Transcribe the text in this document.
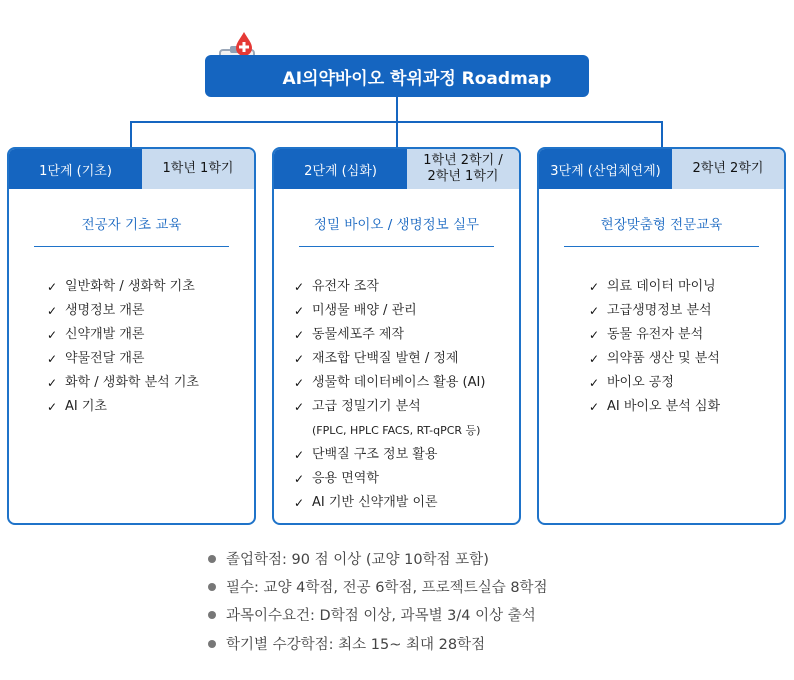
AI의약바이오 학위과정 Roadmap
1단계 (기초)	1학년 1학기
전공자 기초 교육
✓ 일반화학 / 생화학 기초
✓ 생명정보 개론
✓ 신약개발 개론
✓ 약물전달 개론
✓ 화학 / 생화학 분석 기초
✓ AI 기초
2단계 (심화)
1학년 2학기 /
2학년 1학기
정밀 바이오 / 생명정보 실무
✓ 유전자 조작
✓ 미생물 배양 / 관리
✓ 동물세포주 제작
✓ 재조합 단백질 발현 / 정제
✓ 생물학 데이터베이스 활용 (AI)
✓ 고급 정밀기기 분석
(FPLC, HPLC FACS, RT-qPCR 등)
✓ 단백질 구조 정보 활용
✓ 응용 면역학
✓ AI 기반 신약개발 이론
3단계 (산업체연계)	2학년 2학기
현장맞춤형 전문교육
✓ 의료 데이터 마이닝
✓ 고급생명정보 분석
✓ 동물 유전자 분석
✓ 의약품 생산 및 분석
✓ 바이오 공정
✓ AI 바이오 분석 심화
졸업학점: 90 점 이상 (교양 10학점 포함)
필수: 교양 4학점, 전공 6학점, 프로젝트실습 8학점
과목이수요건: D학점 이상, 과목별 3/4 이상 출석
학기별 수강학점: 최소 15~ 최대 28학점
